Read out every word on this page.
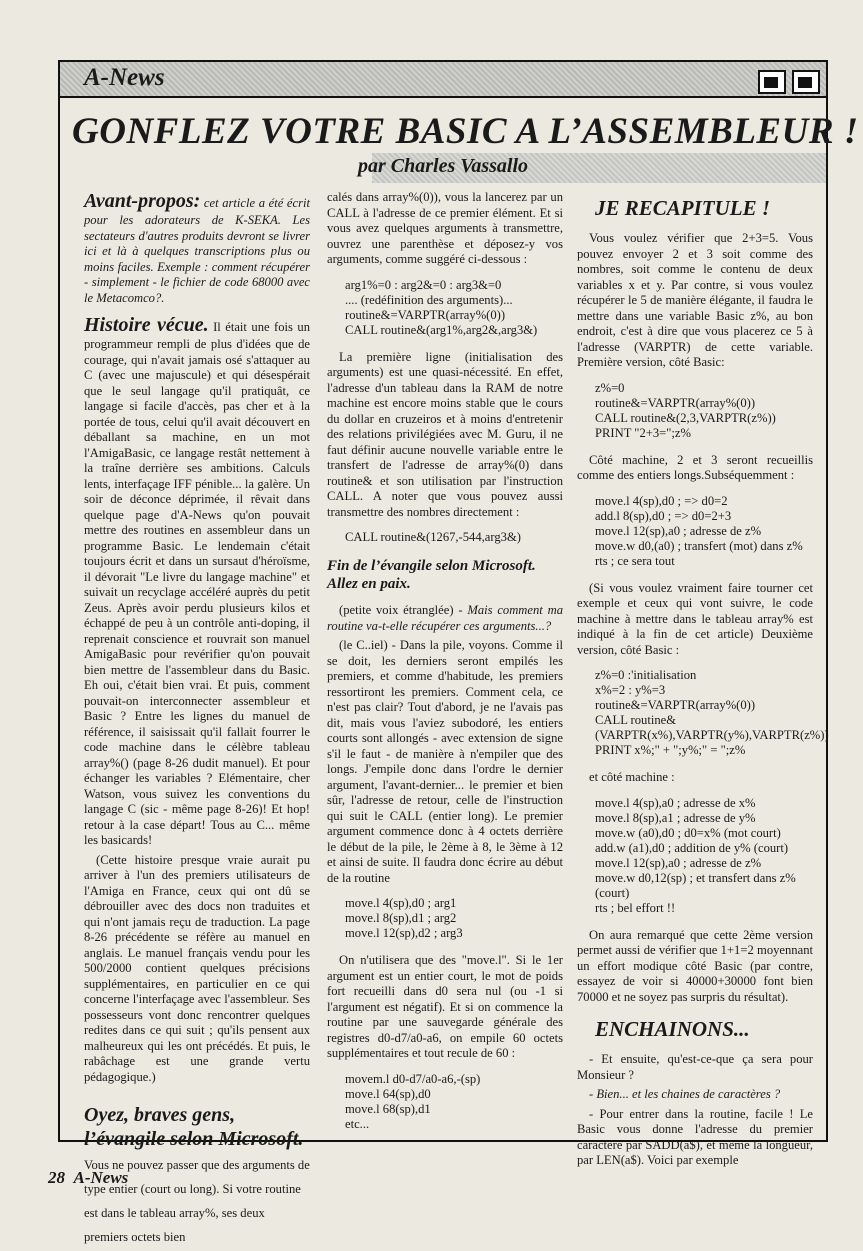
A-News
GONFLEZ VOTRE BASIC A L’ASSEMBLEUR !
par Charles Vassallo

Avant-propos: cet article a été écrit pour les adorateurs de K-SEKA. Les sectateurs d'autres produits devront se livrer ici et là à quelques transcriptions plus ou moins faciles. Exemple : comment récupérer - simplement - le fichier de code 68000 avec le Metacomco?.

Histoire vécue. Il était une fois un programmeur rempli de plus d'idées que de courage, qui n'avait jamais osé s'attaquer au C (avec une majuscule) et qui désespérait que le seul langage qu'il pratiquât, ce langage si facile d'accès, pas cher et à la portée de tous, celui qu'il avait découvert en déballant sa machine, en un mot l'AmigaBasic, ce langage restât nettement à la traîne derrière ses ambitions. Calculs lents, interfaçage IFF pénible... la galère. Un soir de déconce déprimée, il rêvait dans quelque page d'A-News qu'on pouvait mettre des routines en assembleur dans un programme Basic. Le lendemain c'était toujours écrit et dans un sursaut d'héroïsme, il dévorait "Le livre du langage machine" et suivait un recyclage accéléré auprès du petit Zeus. Après avoir perdu plusieurs kilos et échappé de peu à un contrôle anti-doping, il reprenait conscience et rouvrait son manuel AmigaBasic pour revérifier qu'on pouvait bien mettre de l'assembleur dans du Basic. Eh oui, c'était bien vrai. Et puis, comment pouvait-on interconnecter assembleur et Basic ? Entre les lignes du manuel de référence, il saisissait qu'il fallait fourrer le code machine dans le célèbre tableau array%() (page 8-26 dudit manuel). Et pour échanger les variables ? Elémentaire, cher Watson, vous suivez les conventions du langage C (sic - même page 8-26)! Et hop! retour à la case départ! Tous au C... même les basicards!

(Cette histoire presque vraie aurait pu arriver à l'un des premiers utilisateurs de l'Amiga en France, ceux qui ont dû se débrouiller avec des docs non traduites et qui n'ont jamais reçu de traduction. La page 8-26 précédente se réfère au manuel en anglais. Le manuel français vendu pour les 500/2000 contient quelques précisions supplémentaires, en particulier en ce qui concerne l'interfaçage avec l'assembleur. Ses possesseurs vont donc rencontrer quelques redites dans ce qui suit ; qu'ils pensent aux malheureux qui les ont précédés. Et puis, le rabâchage est une grande vertu pédagogique.)

Oyez, braves gens, l’évangile selon Microsoft. Vous ne pouvez passer que des arguments de type entier (court ou long). Si votre routine est dans le tableau array%, ses deux premiers octets bien

calés dans array%(0)), vous la lancerez par un CALL à l'adresse de ce premier élément. Et si vous avez quelques arguments à transmettre, ouvrez une parenthèse et déposez-y vos arguments, comme suggéré ci-dessous :

arg1%=0 : arg2&=0 : arg3&=0
.... (redéfinition des arguments)...
routine&=VARPTR(array%(0))
CALL routine&(arg1%,arg2&,arg3&)

La première ligne (initialisation des arguments) est une quasi-nécessité. En effet, l'adresse d'un tableau dans la RAM de notre machine est encore moins stable que le cours du dollar en cruzeiros et à moins d'entretenir des relations privilégiées avec M. Guru, il ne faut définir aucune nouvelle variable entre le transfert de l'adresse de array%(0) dans routine& et son utilisation par l'instruction CALL. A noter que vous pouvez aussi transmettre des nombres directement :

CALL routine&(1267,-544,arg3&)
Fin de l’évangile selon Microsoft. Allez en paix.

(petite voix étranglée) - Mais comment ma routine va-t-elle récupérer ces arguments...?

(le C..iel) - Dans la pile, voyons. Comme il se doit, les derniers seront empilés les premiers, et comme d'habitude, les premiers ressortiront les premiers. Comment cela, ce n'est pas clair? Tout d'abord, je ne l'avais pas dit, mais vous l'aviez subodoré, les entiers courts sont allongés - avec extension de signe s'il le faut - de manière à n'empiler que des longs. J'empile donc dans l'ordre le dernier argument, l'avant-dernier... le premier et bien sûr, l'adresse de retour, celle de l'instruction qui suit le CALL (entier long). Le premier argument commence donc à 4 octets derrière le début de la pile, le 2ème à 8, le 3ème à 12 et ainsi de suite. Il faudra donc écrire au début de la routine

move.l 4(sp),d0 ; arg1
move.l 8(sp),d1 ; arg2
move.l 12(sp),d2 ; arg3

On n'utilisera que des "move.l". Si le 1er argument est un entier court, le mot de poids fort recueilli dans d0 sera nul (ou -1 si l'argument est négatif). Et si on commence la routine par une sauvegarde générale des registres d0-d7/a0-a6, on empile 60 octets supplémentaires et tout recule de 60 :

movem.l d0-d7/a0-a6,-(sp)
move.l 64(sp),d0
move.l 68(sp),d1
etc...
JE RECAPITULE !

Vous voulez vérifier que 2+3=5. Vous pouvez envoyer 2 et 3 soit comme des nombres, soit comme le contenu de deux variables x et y. Par contre, si vous voulez récupérer le 5 de manière élégante, il faudra le mettre dans une variable Basic z%, au bon endroit, c'est à dire que vous placerez ce 5 à l'adresse (VARPTR) de cette variable. Première version, côté Basic:

z%=0
routine&=VARPTR(array%(0))
CALL routine&(2,3,VARPTR(z%))
PRINT "2+3=";z%

Côté machine, 2 et 3 seront recueillis comme des entiers longs.Subséquemment :

move.l 4(sp),d0 ; => d0=2
add.l 8(sp),d0 ; => d0=2+3
move.l 12(sp),a0 ; adresse de z%
move.w d0,(a0) ; transfert (mot) dans z%
rts ; ce sera tout

(Si vous voulez vraiment faire tourner cet exemple et ceux qui vont suivre, le code machine à mettre dans le tableau array% est indiqué à la fin de cet article) Deuxième version, côté Basic :

z%=0 :'initialisation
x%=2 : y%=3
routine&=VARPTR(array%(0))
CALL routine&(VARPTR(x%),VARPTR(y%),VARPTR(z%))
PRINT x%;" + ";y%;" = ";z%

et côté machine :

move.l 4(sp),a0 ; adresse de x%
move.l 8(sp),a1 ; adresse de y%
move.w (a0),d0 ; d0=x% (mot court)
add.w (a1),d0 ; addition de y% (court)
move.l 12(sp),a0 ; adresse de z%
move.w d0,12(sp) ; et transfert dans z% (court)
rts ; bel effort !!

On aura remarqué que cette 2ème version permet aussi de vérifier que 1+1=2 moyennant un effort modique côté Basic (par contre, essayez de voir si 40000+30000 font bien 70000 et ne soyez pas surpris du résultat).

ENCHAINONS...

- Et ensuite, qu'est-ce-que ça sera pour Monsieur ?

- Bien... et les chaines de caractères ?

- Pour entrer dans la routine, facile ! Le Basic vous donne l'adresse du premier caractère par SADD(a$), et même la longueur, par LEN(a$). Voici par exemple

28 A-News
